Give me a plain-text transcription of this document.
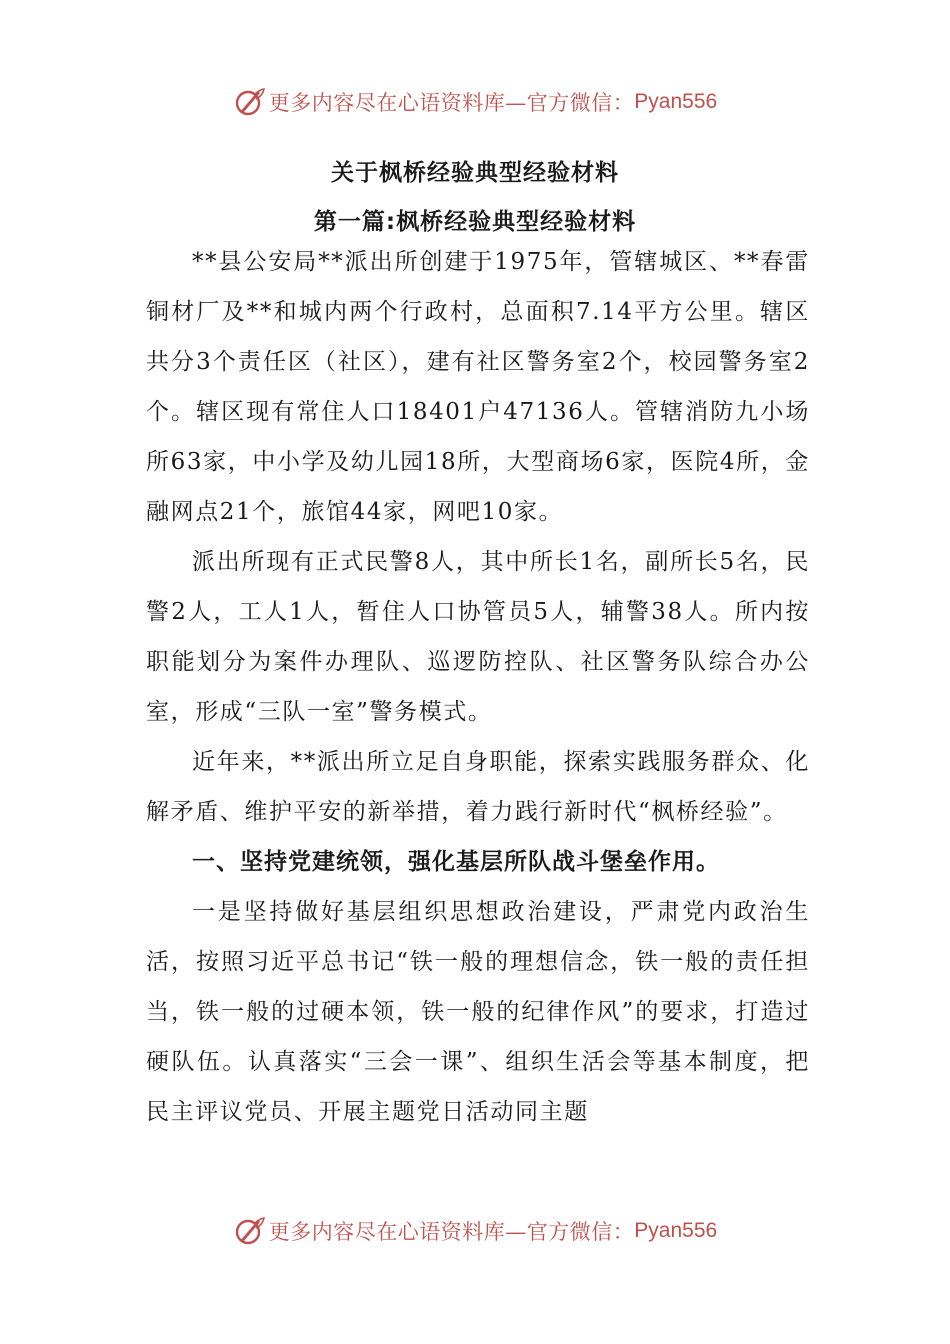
更多内容尽在心语资料库—官方微信： Pyan556
关于枫桥经验典型经验材料
第一篇:枫桥经验典型经验材料

**县公安局**派出所创建于1975年，管辖城区、**春雷铜材厂及**和城内两个行政村，总面积7.14平方公里。辖区共分3个责任区（社区），建有社区警务室2个，校园警务室2个。辖区现有常住人口18401户47136人。管辖消防九小场所63家，中小学及幼儿园18所，大型商场6家，医院4所，金融网点21个，旅馆44家，网吧10家。

派出所现有正式民警8人，其中所长1名，副所长5名，民警2人，工人1人，暂住人口协管员5人，辅警38人。所内按职能划分为案件办理队、巡逻防控队、社区警务队综合办公室，形成“三队一室”警务模式。

近年来，**派出所立足自身职能，探索实践服务群众、化解矛盾、维护平安的新举措，着力践行新时代“枫桥经验”。

一、坚持党建统领，强化基层所队战斗堡垒作用。

一是坚持做好基层组织思想政治建设，严肃党内政治生活，按照习近平总书记“铁一般的理想信念，铁一般的责任担当，铁一般的过硬本领，铁一般的纪律作风”的要求，打造过硬队伍。认真落实“三会一课”、组织生活会等基本制度，把民主评议党员、开展主题党日活动同主题

更多内容尽在心语资料库—官方微信： Pyan556
